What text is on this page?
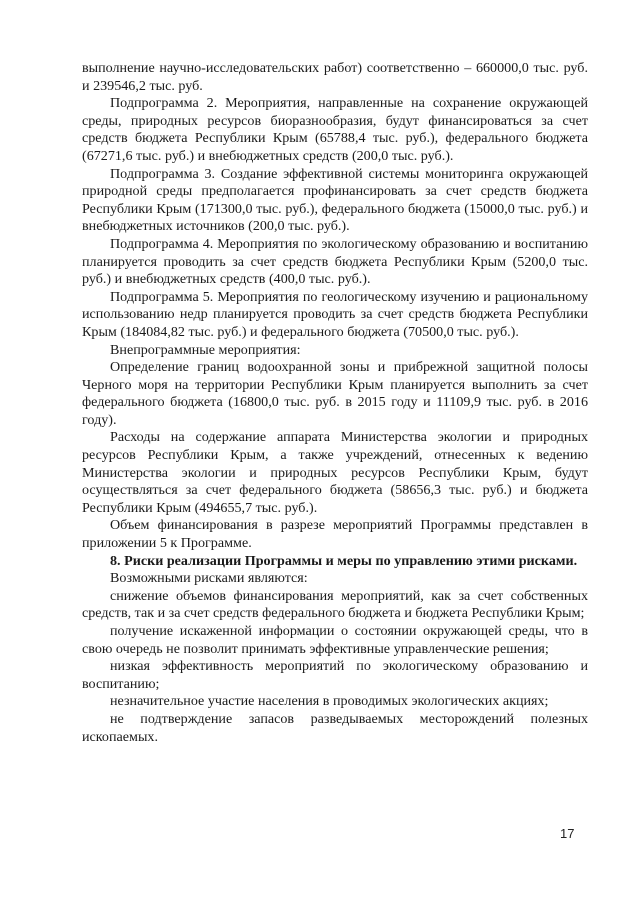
выполнение научно-исследовательских работ) соответственно – 660000,0 тыс. руб. и 239546,2 тыс. руб.

Подпрограмма 2. Мероприятия, направленные на сохранение окружающей среды, природных ресурсов биоразнообразия, будут финансироваться за счет средств бюджета Республики Крым (65788,4 тыс. руб.), федерального бюджета (67271,6 тыс. руб.) и внебюджетных средств (200,0 тыс. руб.).

Подпрограмма 3. Создание эффективной системы мониторинга окружающей природной среды предполагается профинансировать за счет средств бюджета Республики Крым (171300,0 тыс. руб.), федерального бюджета (15000,0 тыс. руб.) и внебюджетных источников (200,0 тыс. руб.).

Подпрограмма 4. Мероприятия по экологическому образованию и воспитанию планируется проводить за счет средств бюджета Республики Крым (5200,0 тыс. руб.) и внебюджетных средств (400,0 тыс. руб.).

Подпрограмма 5. Мероприятия по геологическому изучению и рациональному использованию недр планируется проводить за счет средств бюджета Республики Крым (184084,82 тыс. руб.) и федерального бюджета (70500,0 тыс. руб.).

Внепрограммные мероприятия:

Определение границ водоохранной зоны и прибрежной защитной полосы Черного моря на территории Республики Крым планируется выполнить за счет федерального бюджета (16800,0 тыс. руб. в 2015 году и 11109,9 тыс. руб. в 2016 году).

Расходы на содержание аппарата Министерства экологии и природных ресурсов Республики Крым, а также учреждений, отнесенных к ведению Министерства экологии и природных ресурсов Республики Крым, будут осуществляться за счет федерального бюджета (58656,3 тыс. руб.) и бюджета Республики Крым (494655,7 тыс. руб.).

Объем финансирования в разрезе мероприятий Программы представлен в приложении 5 к Программе.

8. Риски реализации Программы и меры по управлению этими рисками.

Возможными рисками являются:

снижение объемов финансирования мероприятий, как за счет собственных средств, так и за счет средств федерального бюджета и бюджета Республики Крым;

получение искаженной информации о состоянии окружающей среды, что в свою очередь не позволит принимать эффективные управленческие решения;

низкая эффективность мероприятий по экологическому образованию и воспитанию;

незначительное участие населения в проводимых экологических акциях;

не подтверждение запасов разведываемых месторождений полезных ископаемых.

17
